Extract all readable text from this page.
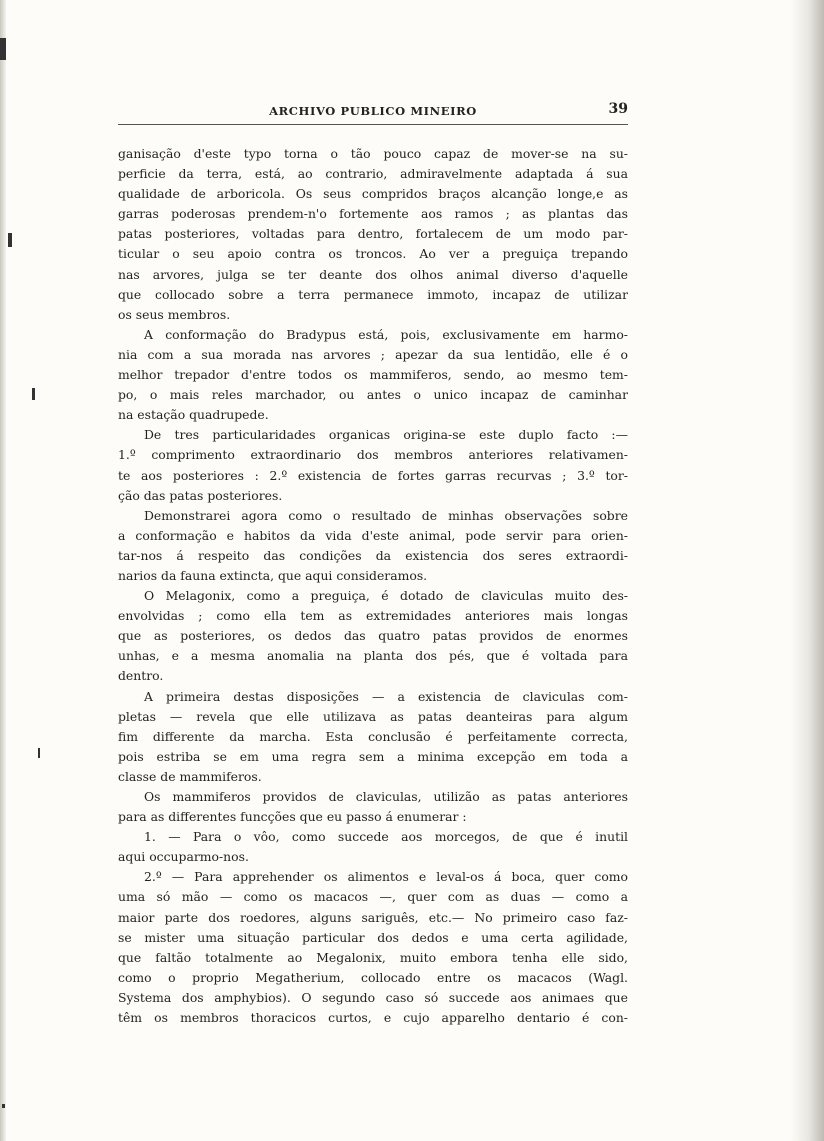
ARCHIVO PUBLICO MINEIRO	39
ganisação d'este typo torna o tão pouco capaz de mover-se na su-
perficie da terra, está, ao contrario, admiravelmente adaptada á sua
qualidade de arboricola. Os seus compridos braços alcanção longe,e as
garras poderosas prendem-n'o fortemente aos ramos ; as plantas das
patas posteriores, voltadas para dentro, fortalecem de um modo par-
ticular o seu apoio contra os troncos. Ao ver a preguiça trepando
nas arvores, julga se ter deante dos olhos animal diverso d'aquelle
que collocado sobre a terra permanece immoto, incapaz de utilizar
os seus membros.
A conformação do Bradypus está, pois, exclusivamente em harmo-
nia com a sua morada nas arvores ; apezar da sua lentidão, elle é o
melhor trepador d'entre todos os mammiferos, sendo, ao mesmo tem-
po, o mais reles marchador, ou antes o unico incapaz de caminhar
na estação quadrupede.
De tres particularidades organicas origina-se este duplo facto :—
1.º comprimento extraordinario dos membros anteriores relativamen-
te aos posteriores : 2.º existencia de fortes garras recurvas ; 3.º tor-
ção das patas posteriores.
Demonstrarei agora como o resultado de minhas observações sobre
a conformação e habitos da vida d'este animal, pode servir para orien-
tar-nos á respeito das condições da existencia dos seres extraordi-
narios da fauna extincta, que aqui consideramos.
O Melagonix, como a preguiça, é dotado de claviculas muito des-
envolvidas ; como ella tem as extremidades anteriores mais longas
que as posteriores, os dedos das quatro patas providos de enormes
unhas, e a mesma anomalia na planta dos pés, que é voltada para
dentro.
A primeira destas disposições — a existencia de claviculas com-
pletas — revela que elle utilizava as patas deanteiras para algum
fim differente da marcha. Esta conclusão é perfeitamente correcta,
pois estriba se em uma regra sem a minima excepção em toda a
classe de mammiferos.
Os mammiferos providos de claviculas, utilizão as patas anteriores
para as differentes funcções que eu passo á enumerar :
1. — Para o vôo, como succede aos morcegos, de que é inutil
aqui occuparmo-nos.
2.º — Para apprehender os alimentos e leval-os á boca, quer como
uma só mão — como os macacos —, quer com as duas — como a
maior parte dos roedores, alguns sariguês, etc.— No primeiro caso faz-
se mister uma situação particular dos dedos e uma certa agilidade,
que faltão totalmente ao Megalonix, muito embora tenha elle sido,
como o proprio Megatherium, collocado entre os macacos (Wagl.
Systema dos amphybios). O segundo caso só succede aos animaes que
têm os membros thoracicos curtos, e cujo apparelho dentario é con-
